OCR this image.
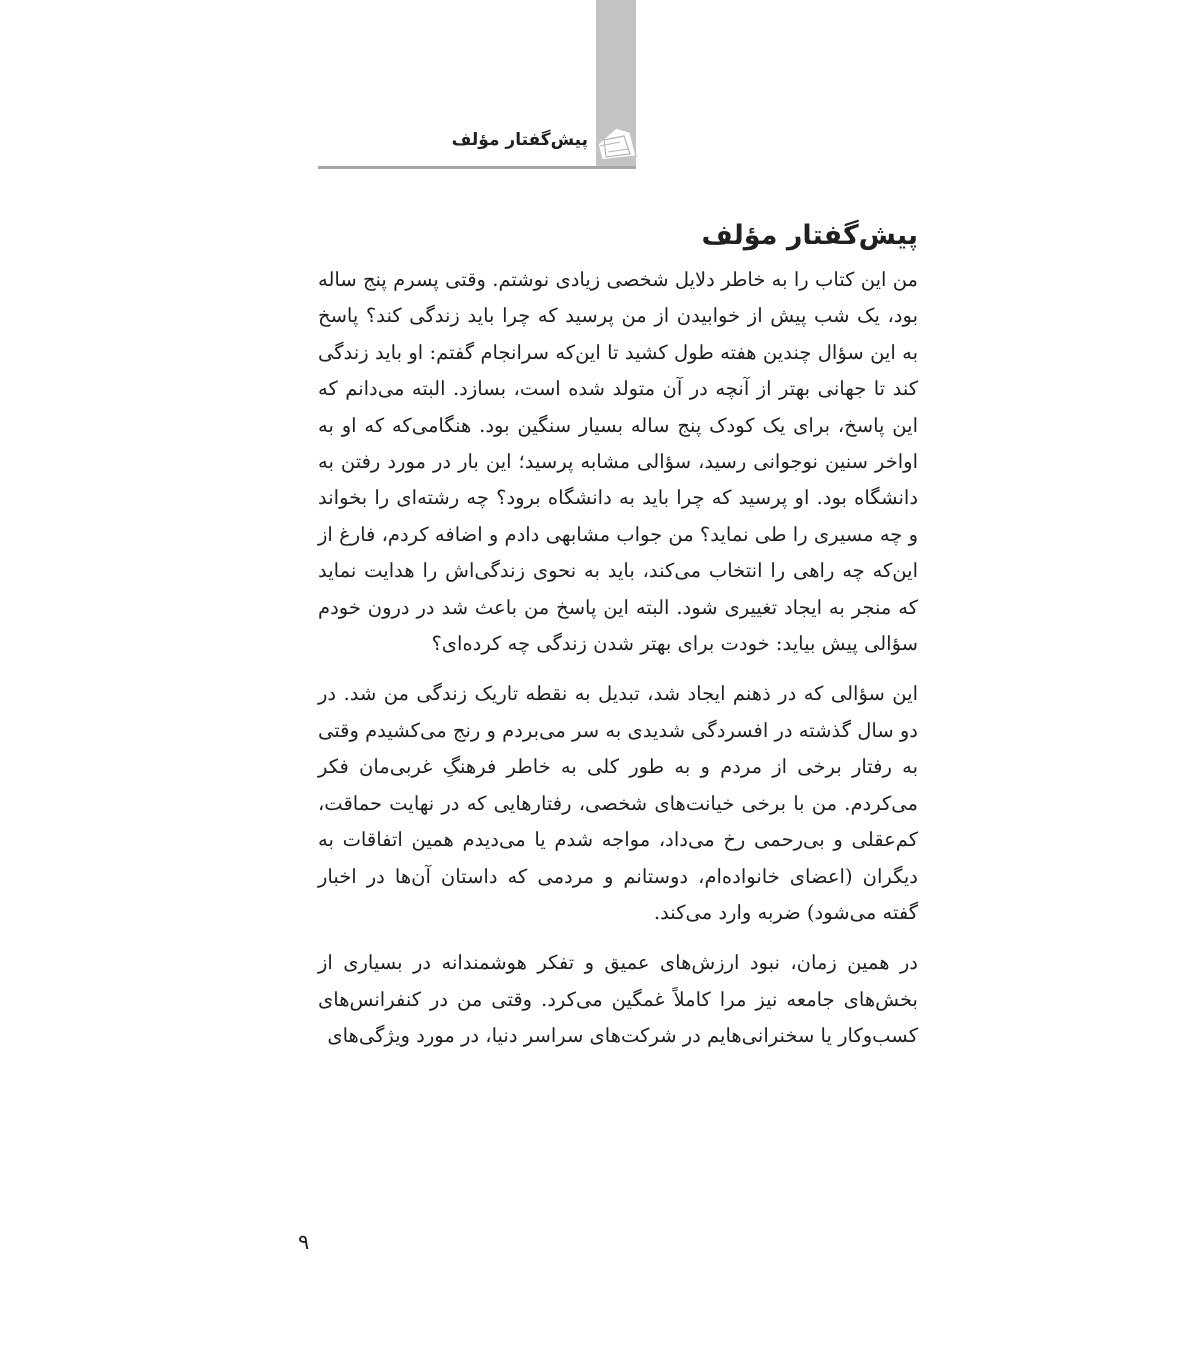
پیش‌گفتار مؤلف
پیش‌گفتار مؤلف

من این کتاب را به خاطر دلایل شخصی زیادی نوشتم. وقتی پسرم پنج ساله بود، یک شب پیش از خوابیدن از من پرسید که چرا باید زندگی کند؟ پاسخ به این سؤال چندین هفته طول کشید تا این‌که سرانجام گفتم: او باید زندگی کند تا جهانی بهتر از آنچه در آن متولد شده است، بسازد. البته می‌دانم که این پاسخ، برای یک کودک پنج ساله بسیار سنگین بود. هنگامی‌که که او به اواخر سنین نوجوانی رسید، سؤالی مشابه پرسید؛ این بار در مورد رفتن به دانشگاه بود. او پرسید که چرا باید به دانشگاه برود؟ چه رشته‌ای را بخواند و چه مسیری را طی نماید؟ من جواب مشابهی دادم و اضافه کردم، فارغ از این‌که چه راهی را انتخاب می‌کند، باید به نحوی زندگی‌اش را هدایت نماید که منجر به ایجاد تغییری شود. البته این پاسخ من باعث شد در درون خودم سؤالی پیش بیاید: خودت برای بهتر شدن زندگی چه کرده‌ای؟

این سؤالی که در ذهنم ایجاد شد، تبدیل به نقطه تاریک زندگی من شد. در دو سال گذشته در افسردگی شدیدی به سر می‌بردم و رنج می‌کشیدم وقتی به رفتار برخی از مردم و به طور کلی به خاطر فرهنگِ غربی‌مان فکر می‌کردم. من با برخی خیانت‌های شخصی، رفتارهایی که در نهایت حماقت، کم‌عقلی و بی‌رحمی رخ می‌داد، مواجه شدم یا می‌دیدم همین اتفاقات به دیگران (اعضای خانواده‌ام، دوستانم و مردمی که داستان آن‌ها در اخبار گفته می‌شود) ضربه وارد می‌کند.

در همین زمان، نبود ارزش‌های عمیق و تفکر هوشمندانه در بسیاری از بخش‌های جامعه نیز مرا کاملاً غمگین می‌کرد. وقتی من در کنفرانس‌های کسب‌وکار یا سخنرانی‌هایم در شرکت‌های سراسر دنیا، در مورد ویژگی‌های

۹
